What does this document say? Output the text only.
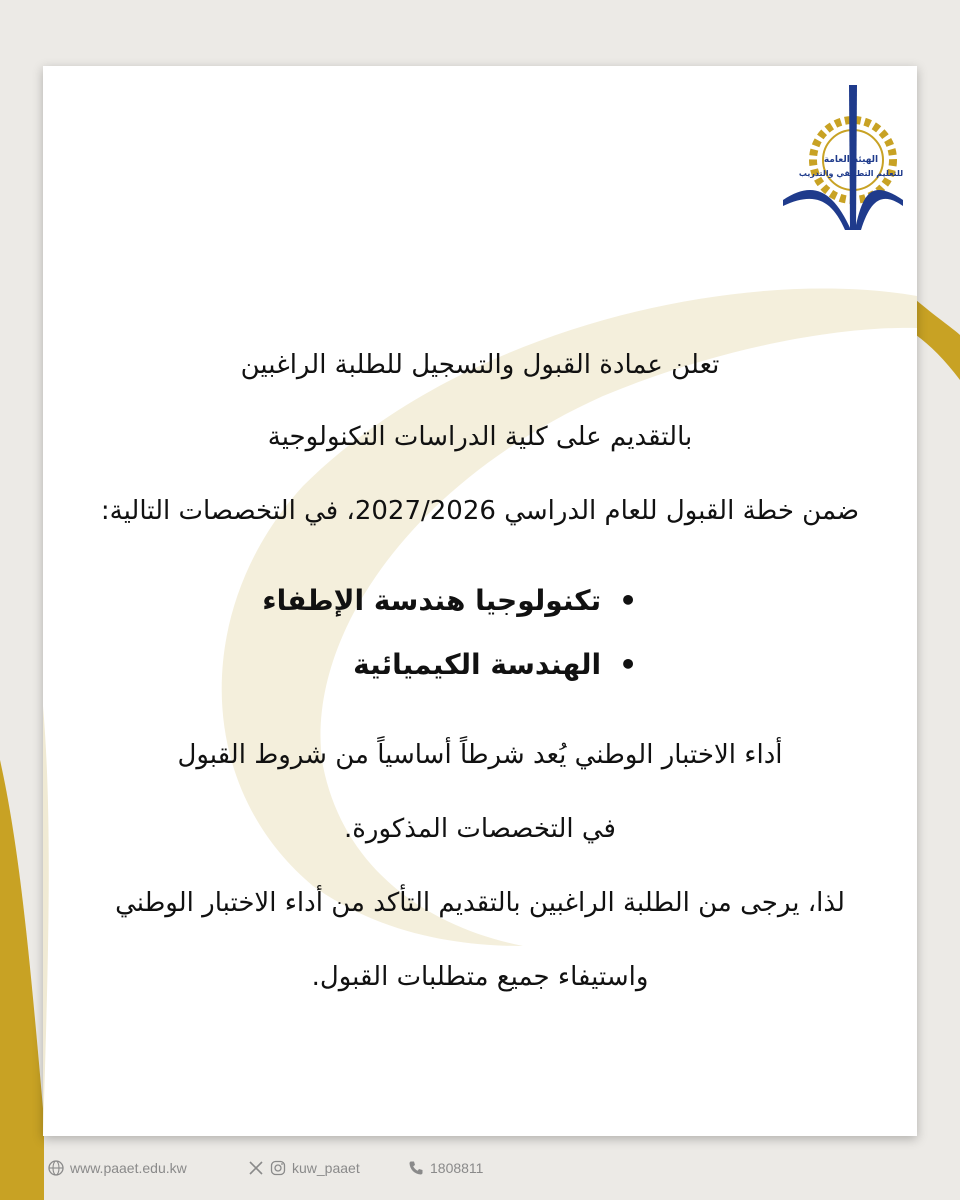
الهيئة العامة
للتعليم التطبيقي والتدريب

تعلن عمادة القبول والتسجيل للطلبة الراغبين

بالتقديم على كلية الدراسات التكنولوجية

ضمن خطة القبول للعام الدراسي 2027/2026، في التخصصات التالية:

• تكنولوجيا هندسة الإطفاء
• الهندسة الكيميائية

أداء الاختبار الوطني يُعد شرطاً أساسياً من شروط القبول

في التخصصات المذكورة.

لذا، يرجى من الطلبة الراغبين بالتقديم التأكد من أداء الاختبار الوطني

واستيفاء جميع متطلبات القبول.

www.paaet.edu.kw	kuw_paaet	1808811
